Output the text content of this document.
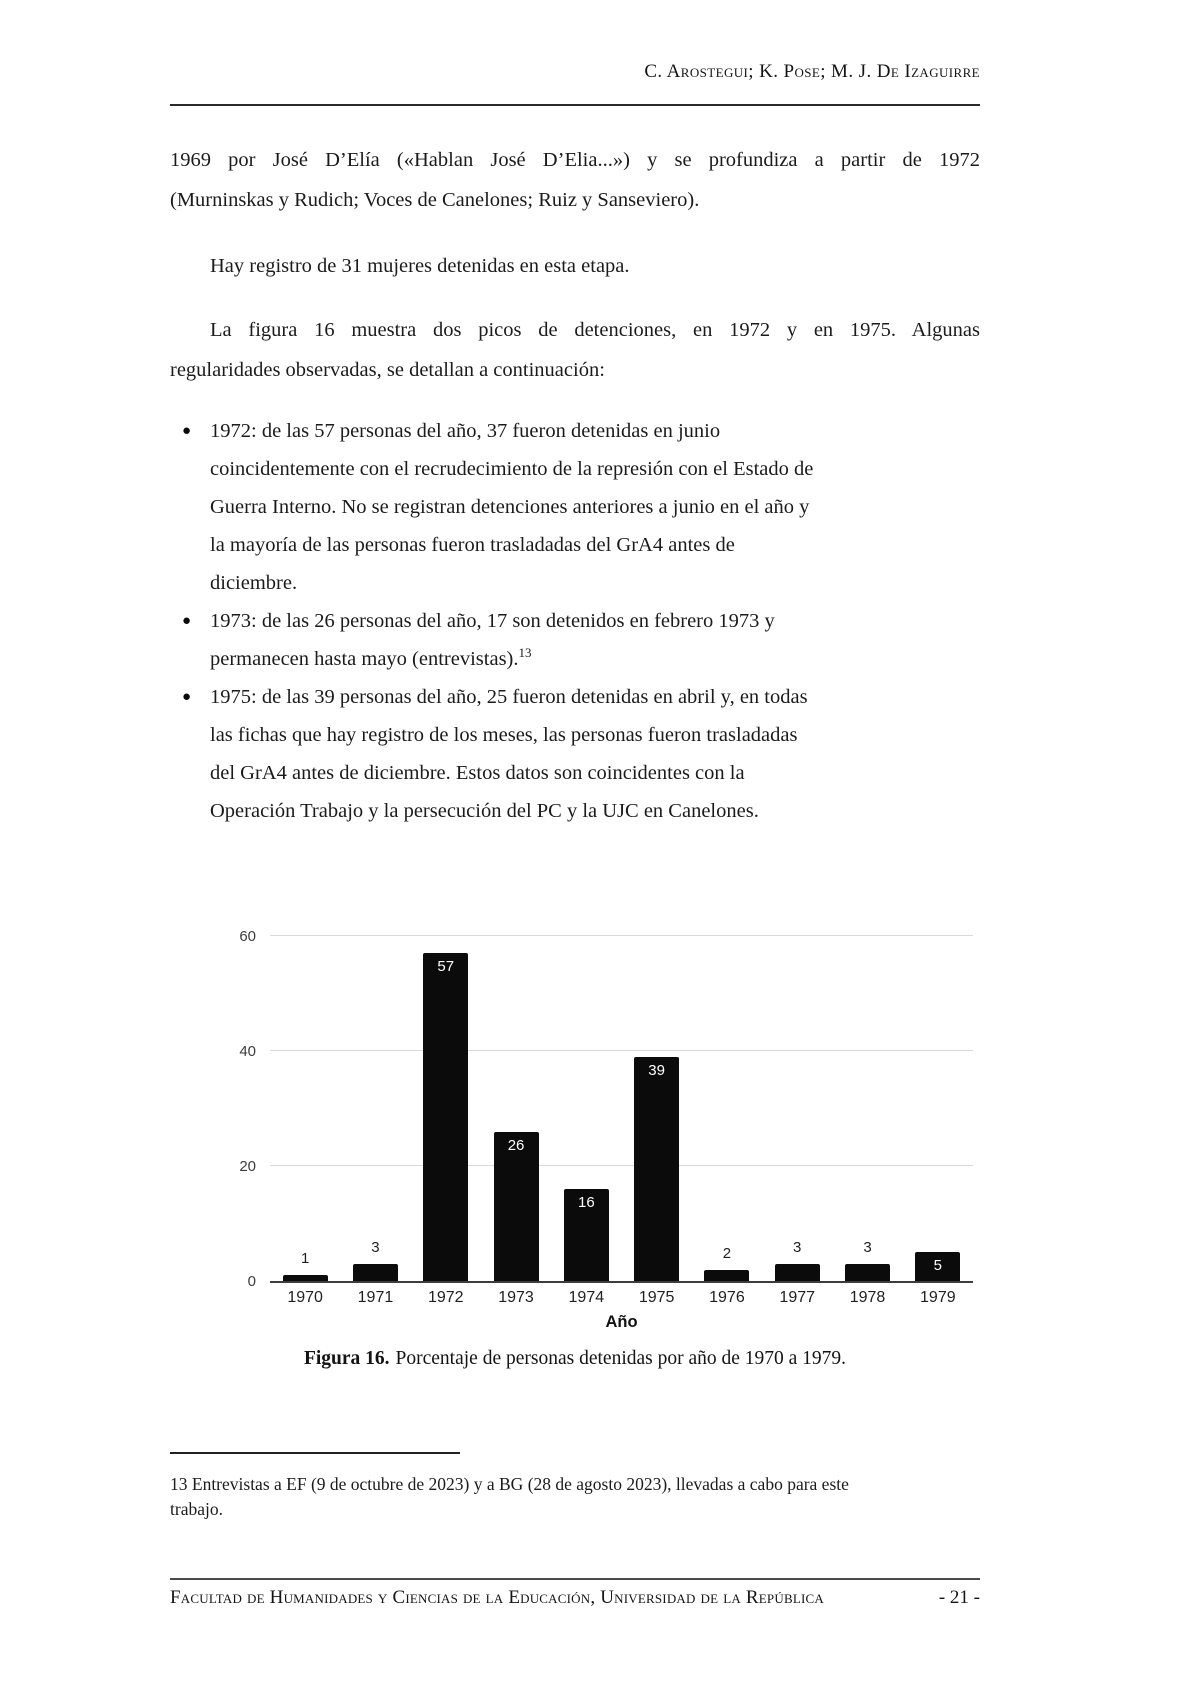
C. Arostegui; K. Pose; M. J. De Izaguirre
1969 por José D’Elía («Hablan José D’Elia...») y se profundiza a partir de 1972
(Murninskas y Rudich; Voces de Canelones; Ruiz y Sanseviero).
Hay registro de 31 mujeres detenidas en esta etapa.
La figura 16 muestra dos picos de detenciones, en 1972 y en 1975. Algunas
regularidades observadas, se detallan a continuación:
● 1972: de las 57 personas del año, 37 fueron detenidas en junio
coincidentemente con el recrudecimiento de la represión con el Estado de
Guerra Interno. No se registran detenciones anteriores a junio en el año y
la mayoría de las personas fueron trasladadas del GrA4 antes de
diciembre.
● 1973: de las 26 personas del año, 17 son detenidos en febrero 1973 y
permanecen hasta mayo (entrevistas).$^{13}$
● 1975: de las 39 personas del año, 25 fueron detenidas en abril y, en todas
las fichas que hay registro de los meses, las personas fueron trasladadas
del GrA4 antes de diciembre. Estos datos son coincidentes con la
Operación Trabajo y la persecución del PC y la UJC en Canelones.
0
20
40
60
1
3
57
26
16
39
2	3	3
5
1970	1971	1972	1973	1974	1975	1976	1977	1978	1979
Año
Figura 16. Porcentaje de personas detenidas por año de 1970 a 1979.
13 Entrevistas a EF (9 de octubre de 2023) y a BG (28 de agosto 2023), llevadas a cabo para este
trabajo.
Facultad de Humanidades y Ciencias de la Educación, Universidad de la República	- 21 -
